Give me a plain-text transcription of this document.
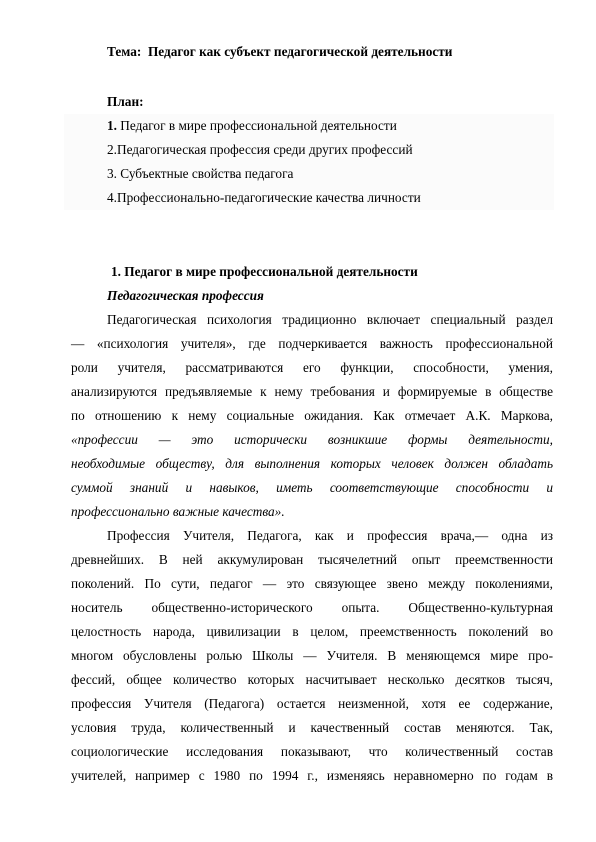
Тема: Педагог как субъект педагогической деятельности
План:
1. Педагог в мире профессиональной деятельности
2.Педагогическая профессия среди других профессий
3. Субъектные свойства педагога
4.Профессионально-педагогические качества личности
1. Педагог в мире профессиональной деятельности
Педагогическая профессия
Педагогическая психология традиционно включает специальный раздел
— «психология учителя», где подчеркивается важность профессиональной
роли учителя, рассматриваются его функции, способности, умения,
анализируются предъявляемые к нему требования и формируемые в обществе
по отношению к нему социальные ожидания. Как отмечает А.К. Маркова,
«профессии — это исторически возникшие формы деятельности,
необходимые обществу, для выполнения которых человек должен обладать
суммой знаний и навыков, иметь соответствующие способности и
профессионально важные качества».
Профессия Учителя, Педагога, как и профессия врача,— одна из
древнейших. В ней аккумулирован тысячелетний опыт преемственности
поколений. По сути, педагог — это связующее звено между поколениями,
носитель общественно-исторического опыта. Общественно-культурная
целостность народа, цивилизации в целом, преемственность поколений во
многом обусловлены ролью Школы — Учителя. В меняющемся мире про-
фессий, общее количество которых насчитывает несколько десятков тысяч,
профессия Учителя (Педагога) остается неизменной, хотя ее содержание,
условия труда, количественный и качественный состав меняются. Так,
социологические исследования показывают, что количественный состав
учителей, например с 1980 по 1994 г., изменяясь неравномерно по годам в
